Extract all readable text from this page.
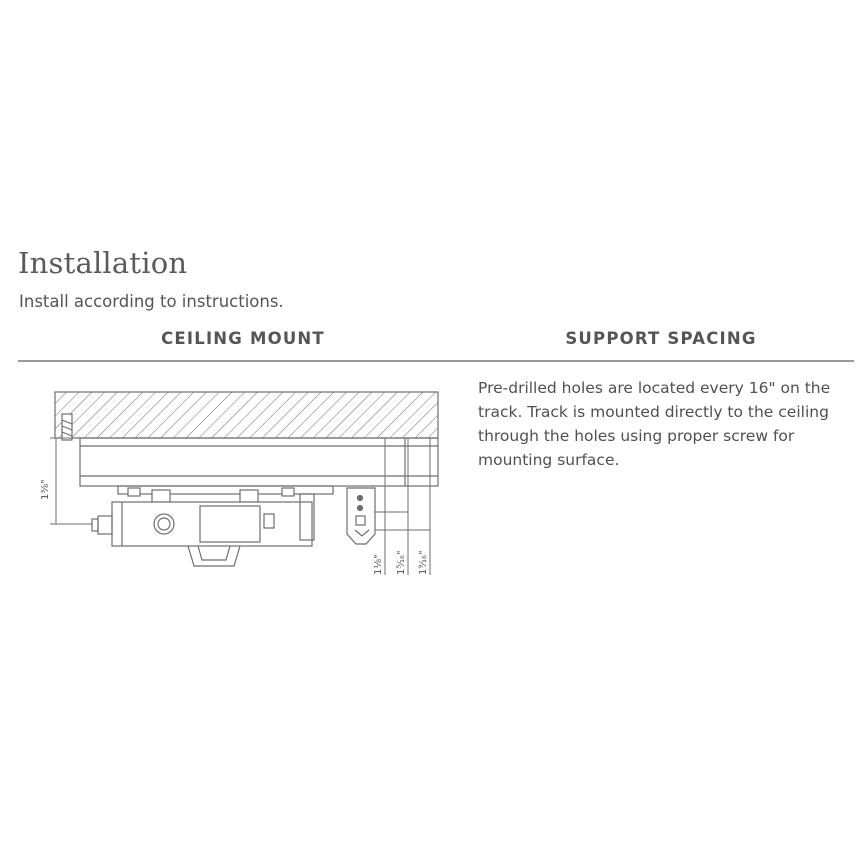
Installation
Install according to instructions.
CEILING MOUNT	SUPPORT SPACING
1⅜"
1⅛" 1⁵⁄₁₆" 1⁹⁄₁₆"
Pre-drilled holes are located every 16" on the track. Track is mounted directly to the ceiling through the holes using proper screw for mounting surface.
